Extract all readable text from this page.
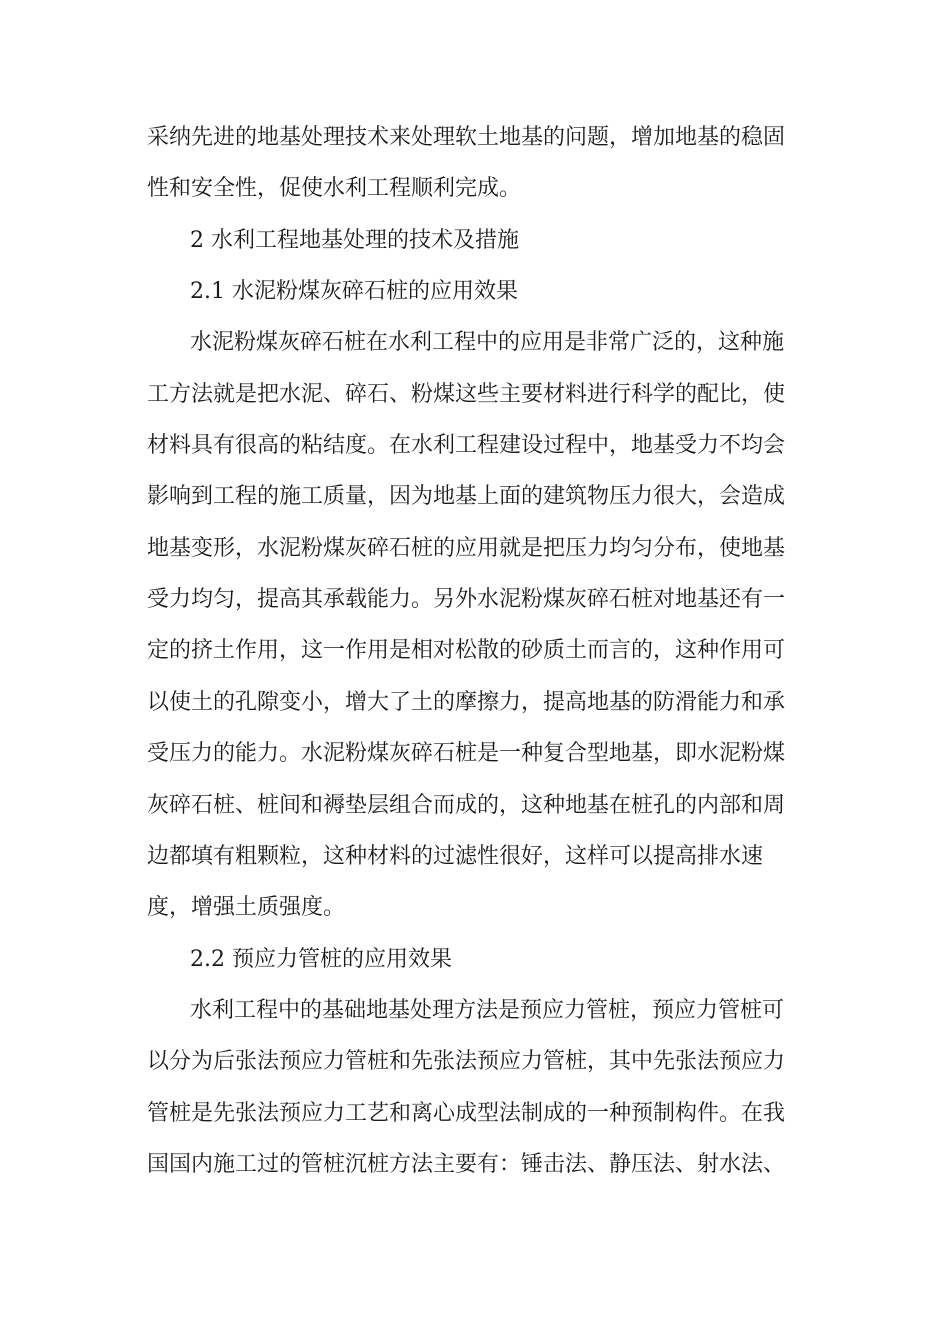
采纳先进的地基处理技术来处理软土地基的问题，增加地基的稳固
性和安全性，促使水利工程顺利完成。
2 水利工程地基处理的技术及措施
2.1 水泥粉煤灰碎石桩的应用效果
水泥粉煤灰碎石桩在水利工程中的应用是非常广泛的，这种施
工方法就是把水泥、碎石、粉煤这些主要材料进行科学的配比，使
材料具有很高的粘结度。在水利工程建设过程中，地基受力不均会
影响到工程的施工质量，因为地基上面的建筑物压力很大，会造成
地基变形，水泥粉煤灰碎石桩的应用就是把压力均匀分布，使地基
受力均匀，提高其承载能力。另外水泥粉煤灰碎石桩对地基还有一
定的挤土作用，这一作用是相对松散的砂质土而言的，这种作用可
以使土的孔隙变小，增大了土的摩擦力，提高地基的防滑能力和承
受压力的能力。水泥粉煤灰碎石桩是一种复合型地基，即水泥粉煤
灰碎石桩、桩间和褥垫层组合而成的，这种地基在桩孔的内部和周
边都填有粗颗粒，这种材料的过滤性很好，这样可以提高排水速
度，增强土质强度。
2.2 预应力管桩的应用效果
水利工程中的基础地基处理方法是预应力管桩，预应力管桩可
以分为后张法预应力管桩和先张法预应力管桩，其中先张法预应力
管桩是先张法预应力工艺和离心成型法制成的一种预制构件。在我
国国内施工过的管桩沉桩方法主要有：锤击法、静压法、射水法、
